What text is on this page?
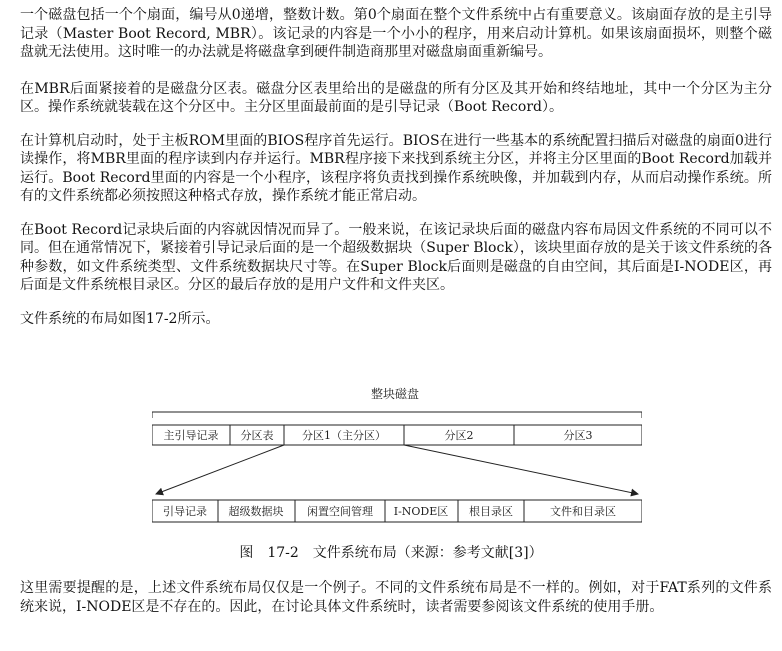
一个磁盘包括一个个扇面，编号从0递增，整数计数。第0个扇面在整个文件系统中占有重要意义。该扇面存放的是主引导记录（Master Boot Record, MBR）。该记录的内容是一个小小的程序，用来启动计算机。如果该扇面损坏，则整个磁盘就无法使用。这时唯一的办法就是将磁盘拿到硬件制造商那里对磁盘扇面重新编号。

在MBR后面紧接着的是磁盘分区表。磁盘分区表里给出的是磁盘的所有分区及其开始和终结地址，其中一个分区为主分区。操作系统就装载在这个分区中。主分区里面最前面的是引导记录（Boot Record）。

在计算机启动时，处于主板ROM里面的BIOS程序首先运行。BIOS在进行一些基本的系统配置扫描后对磁盘的扇面0进行读操作，将MBR里面的程序读到内存并运行。MBR程序接下来找到系统主分区，并将主分区里面的Boot Record加载并运行。Boot Record里面的内容是一个小程序，该程序将负责找到操作系统映像，并加载到内存，从而启动操作系统。所有的文件系统都必须按照这种格式存放，操作系统才能正常启动。

在Boot Record记录块后面的内容就因情况而异了。一般来说，在该记录块后面的磁盘内容布局因文件系统的不同可以不同。但在通常情况下，紧接着引导记录后面的是一个超级数据块（Super Block），该块里面存放的是关于该文件系统的各种参数，如文件系统类型、文件系统数据块尺寸等。在Super Block后面则是磁盘的自由空间，其后面是I-NODE区，再后面是文件系统根目录区。分区的最后存放的是用户文件和文件夹区。

文件系统的布局如图17-2所示。

整块磁盘
主引导记录 分区表	分区1（主分区）	分区2	分区3
引导记录 超级数据块 闲置空间管理 I-NODE区 根目录区	文件和目录区
图　17-2　文件系统布局（来源：参考文献[3]）

这里需要提醒的是，上述文件系统布局仅仅是一个例子。不同的文件系统布局是不一样的。例如，对于FAT系列的文件系统来说，I-NODE区是不存在的。因此，在讨论具体文件系统时，读者需要参阅该文件系统的使用手册。
